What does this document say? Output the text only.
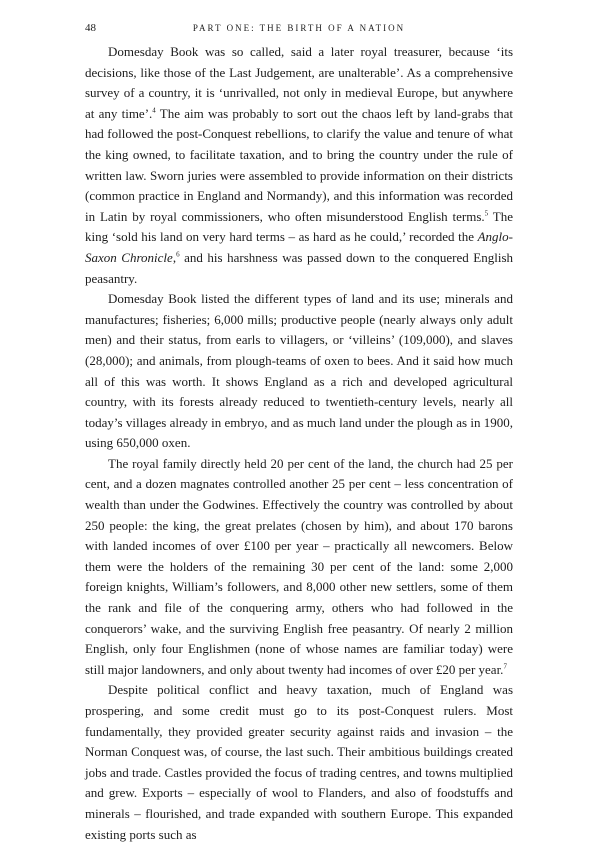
48	PART ONE: THE BIRTH OF A NATION

Domesday Book was so called, said a later royal treasurer, because ‘its decisions, like those of the Last Judgement, are unalterable’. As a comprehensive survey of a country, it is ‘unrivalled, not only in medieval Europe, but anywhere at any time’.$^4$ The aim was probably to sort out the chaos left by land-grabs that had followed the post-Conquest rebellions, to clarify the value and tenure of what the king owned, to facilitate taxation, and to bring the country under the rule of written law. Sworn juries were assembled to provide information on their districts (common practice in England and Normandy), and this information was recorded in Latin by royal commissioners, who often misunderstood English terms.$^5$ The king ‘sold his land on very hard terms – as hard as he could,’ recorded the Anglo-Saxon Chronicle,$^6$ and his harshness was passed down to the conquered English peasantry.

Domesday Book listed the different types of land and its use; minerals and manufactures; fisheries; 6,000 mills; productive people (nearly always only adult men) and their status, from earls to villagers, or ‘villeins’ (109,000), and slaves (28,000); and animals, from plough-teams of oxen to bees. And it said how much all of this was worth. It shows England as a rich and developed agricultural country, with its forests already reduced to twentieth-century levels, nearly all today’s villages already in embryo, and as much land under the plough as in 1900, using 650,000 oxen.

The royal family directly held 20 per cent of the land, the church had 25 per cent, and a dozen magnates controlled another 25 per cent – less concentration of wealth than under the Godwines. Effectively the country was controlled by about 250 people: the king, the great prelates (chosen by him), and about 170 barons with landed incomes of over £100 per year – practically all newcomers. Below them were the holders of the remaining 30 per cent of the land: some 2,000 foreign knights, William’s followers, and 8,000 other new settlers, some of them the rank and file of the conquering army, others who had followed in the conquerors’ wake, and the surviving English free peasantry. Of nearly 2 million English, only four Englishmen (none of whose names are familiar today) were still major landowners, and only about twenty had incomes of over £20 per year.$^7$

Despite political conflict and heavy taxation, much of England was prospering, and some credit must go to its post-Conquest rulers. Most fundamentally, they provided greater security against raids and invasion – the Norman Conquest was, of course, the last such. Their ambitious buildings created jobs and trade. Castles provided the focus of trading centres, and towns multiplied and grew. Exports – especially of wool to Flanders, and also of foodstuffs and minerals – flourished, and trade expanded with southern Europe. This expanded existing ports such as
